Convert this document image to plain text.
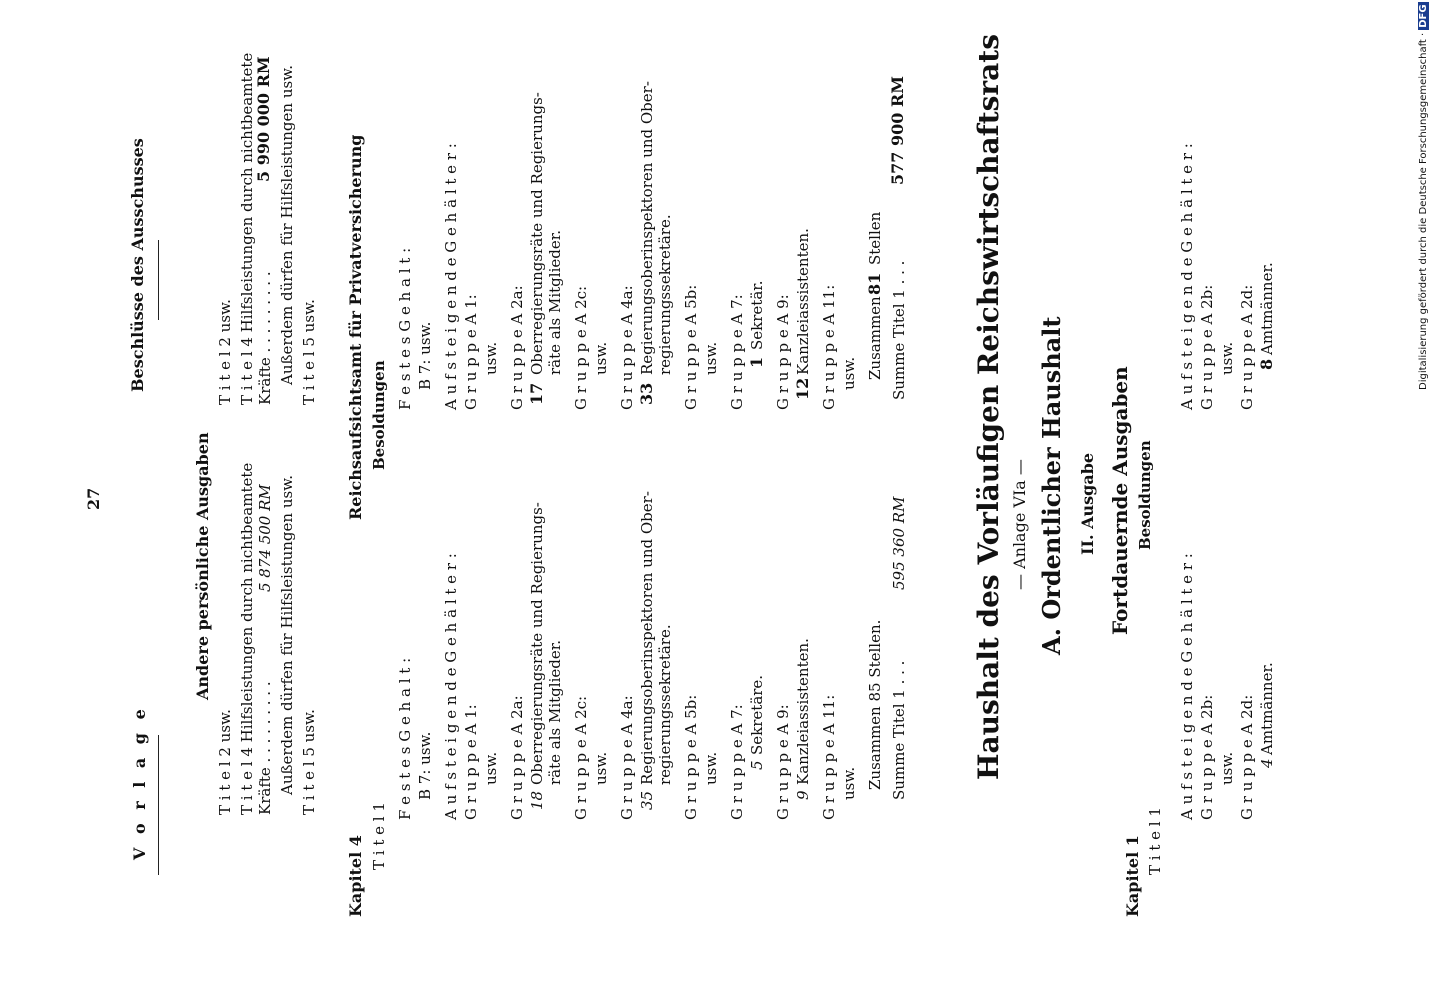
V o r l a g e
27
Beschlüsse des Ausschusses
Andere persönliche Ausgaben
T i t e l 2 usw. T i t e l 4 Hilfsleistungen durch nichtbeamtete Kräfte . . . . . . . . .
5 874 500 RM Außerdem dürfen für Hilfsleistungen usw. T i t e l 5 usw.
T i t e l 2 usw. T i t e l 4 Hilfsleistungen durch nichtbeamtete Kräfte . . . . . . . . .
5 990 000 RM Außerdem dürfen für Hilfsleistungen usw. T i t e l 5 usw. Reichsaufsichtsamt für Privatversicherung Besoldungen
Kapitel 4 T i t e l 1
F e s t e s G e h a l t : B 7: usw. A u f s t e i g e n d e G e h ä l t e r : G r u p p e A 1: usw. G r u p p e A 2a: 18
Oberregierungsräte und Regierungs- räte als Mitglieder. G r u p p e A 2c: usw. G r u p p e A 4a: 35
Regierungsoberinspektoren und Ober- regierungssekretäre. G r u p p e A 5b: usw. G r u p p e A 7: 5
Sekretäre. G r u p p e A 9: 9
Kanzleiassistenten. G r u p p e A 11: usw. Zusammen 85 Stellen. Summe Titel 1 . . .
595 360 RM
F e s t e s G e h a l t : B 7: usw. A u f s t e i g e n d e G e h ä l t e r : G r u p p e A 1: usw. G r u p p e A 2a: 17
Oberregierungsräte und Regierungs- räte als Mitglieder. G r u p p e A 2c: usw. G r u p p e A 4a: 33
Regierungsoberinspektoren und Ober- regierungssekretäre. G r u p p e A 5b: usw. G r u p p e A 7: 1
Sekretär. G r u p p e A 9: 12
Kanzleiassistenten. G r u p p e A 11: usw. Zusammen
81
Stellen
Summe Titel 1 . . .
577 900 RM Haushalt des Vorläufigen Reichswirtschaftsrats — Anlage VIa — A. Ordentlicher Haushalt II. Ausgabe Fortdauernde Ausgaben Besoldungen
Kapitel 1 T i t e l 1
A u f s t e i g e n d e G e h ä l t e r : G r u p p e A 2b: usw. G r u p p e A 2d: 4
Amtmänner.
A u f s t e i g e n d e G e h ä l t e r : G r u p p e A 2b: usw. G r u p p e A 2d: 8
Amtmänner.	Digitalisierung gefördert durch die Deutsche Forschungsgemeinschaft ·DFG
